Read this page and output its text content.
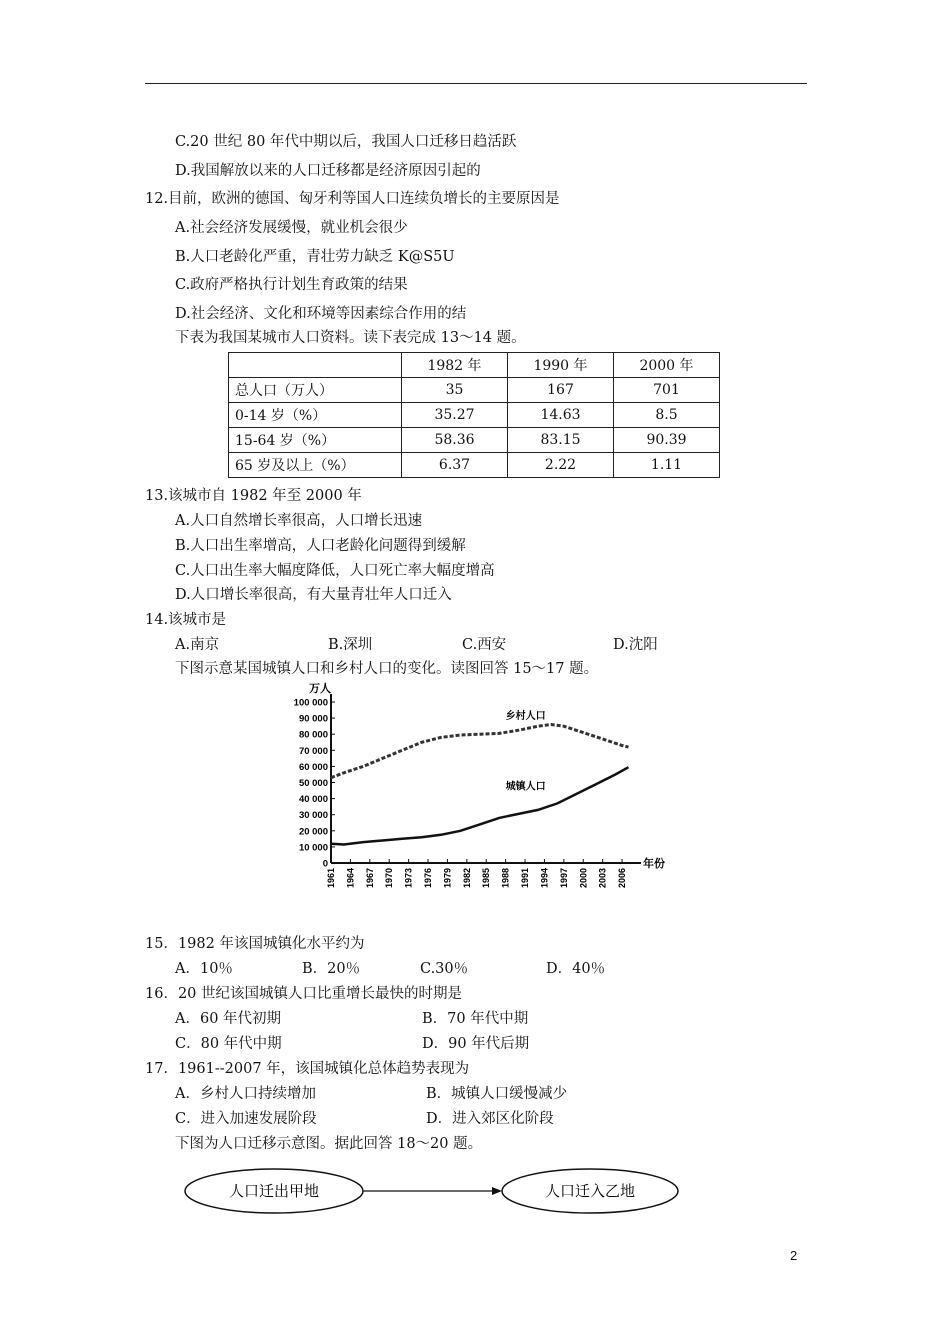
C.20 世纪 80 年代中期以后，我国人口迁移日趋活跃
D.我国解放以来的人口迁移都是经济原因引起的
12.目前，欧洲的德国、匈牙利等国人口连续负增长的主要原因是
A.社会经济发展缓慢，就业机会很少
B.人口老龄化严重，青壮劳力缺乏 K@S5U
C.政府严格执行计划生育政策的结果
D.社会经济、文化和环境等因素综合作用的结
下表为我国某城市人口资料。读下表完成 13～14 题。
	1982 年	1990 年	2000 年
总人口（万人）	35	167	701
0-14 岁（%）	35.27	14.63	8.5
15-64 岁（%）	58.36	83.15	90.39
65 岁及以上（%）	6.37	2.22	1.11
13.该城市自 1982 年至 2000 年
A.人口自然增长率很高，人口增长迅速
B.人口出生率增高，人口老龄化问题得到缓解
C.人口出生率大幅度降低，人口死亡率大幅度增高
D.人口增长率很高，有大量青壮年人口迁入
14.该城市是
A.南京	B.深圳	C.西安	D.沈阳
下图示意某国城镇人口和乡村人口的变化。读图回答 15～17 题。
0
10 000
20 000
30 000
40 000
50 000
60 000
70 000
80 000
90 000
100 000
1961 1964 1967 1970 1973 1976 1979 1982 1985 1988 1991 1994 1997 2000 2003 2006
万人
年份
乡村人口
城镇人口
15．1982 年该国城镇化水平约为
A．10％	B．20％	C.30％	D．40％
16．20 世纪该国城镇人口比重增长最快的时期是
A．60 年代初期	B．70 年代中期
C．80 年代中期	D．90 年代后期
17．1961--2007 年，该国城镇化总体趋势表现为
A．乡村人口持续增加	B．城镇人口缓慢减少
C．进入加速发展阶段	D．进入郊区化阶段
下图为人口迁移示意图。据此回答 18～20 题。
人口迁出甲地	人口迁入乙地
2
